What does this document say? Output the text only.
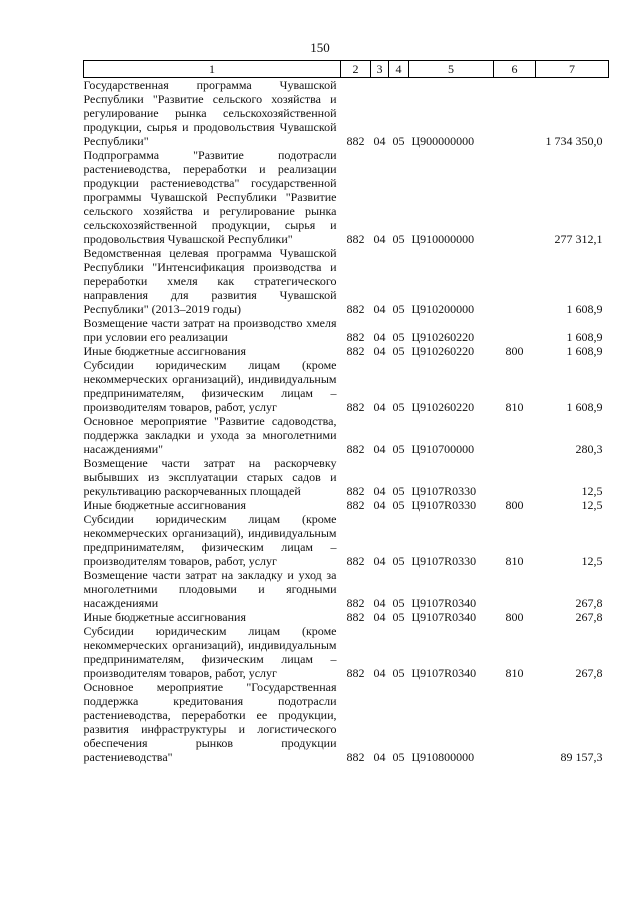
150
1	2	3	4	5	6	7
Государственная программа Чувашской Республики "Развитие сельского хозяйства и регулирование рынка сельскохозяйственной продукции, сырья и продовольствия Чувашской Республики"	882	04	05	Ц900000000		1 734 350,0
Подпрограмма "Развитие подотрасли растениеводства, переработки и реализации продукции растениеводства" государственной программы Чувашской Республики "Развитие сельского хозяйства и регулирование рынка сельскохозяйственной продукции, сырья и продовольствия Чувашской Республики"	882	04	05	Ц910000000		277 312,1
Ведомственная целевая программа Чувашской Республики "Интенсификация производства и переработки хмеля как стратегического направления для развития Чувашской Республики" (2013–2019 годы)	882	04	05	Ц910200000		1 608,9
Возмещение части затрат на производство хмеля при условии его реализации	882	04	05	Ц910260220		1 608,9
Иные бюджетные ассигнования	882	04	05	Ц910260220	800	1 608,9
Субсидии юридическим лицам (кроме некоммерческих организаций), индивидуальным предпринимателям, физическим лицам – производителям товаров, работ, услуг	882	04	05	Ц910260220	810	1 608,9
Основное мероприятие "Развитие садоводства, поддержка закладки и ухода за многолетними насаждениями"	882	04	05	Ц910700000		280,3
Возмещение части затрат на раскорчевку выбывших из эксплуатации старых садов и рекультивацию раскорчеванных площадей	882	04	05	Ц9107R0330		12,5
Иные бюджетные ассигнования	882	04	05	Ц9107R0330	800	12,5
Субсидии юридическим лицам (кроме некоммерческих организаций), индивидуальным предпринимателям, физическим лицам – производителям товаров, работ, услуг	882	04	05	Ц9107R0330	810	12,5
Возмещение части затрат на закладку и уход за многолетними плодовыми и ягодными насаждениями	882	04	05	Ц9107R0340		267,8
Иные бюджетные ассигнования	882	04	05	Ц9107R0340	800	267,8
Субсидии юридическим лицам (кроме некоммерческих организаций), индивидуальным предпринимателям, физическим лицам – производителям товаров, работ, услуг	882	04	05	Ц9107R0340	810	267,8
Основное мероприятие "Государственная поддержка кредитования подотрасли растениеводства, переработки ее продукции, развития инфраструктуры и логистического обеспечения рынков продукции растениеводства"	882	04	05	Ц910800000		89 157,3
